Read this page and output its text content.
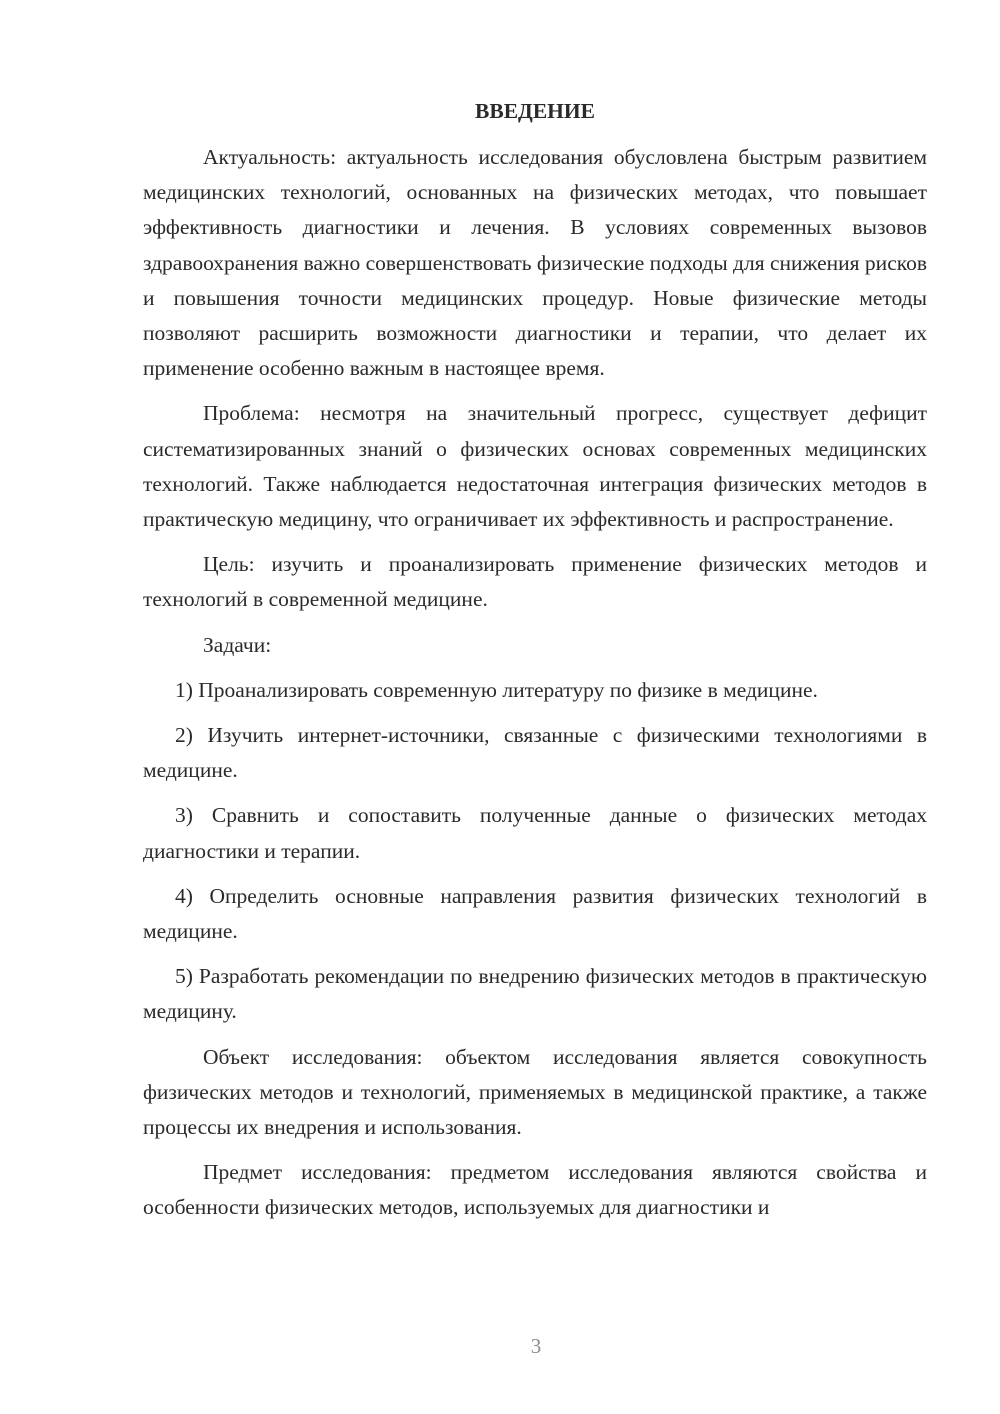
ВВЕДЕНИЕ

Актуальность: актуальность исследования обусловлена быстрым развитием медицинских технологий, основанных на физических методах, что повышает эффективность диагностики и лечения. В условиях современных вызовов здравоохранения важно совершенствовать физические подходы для снижения рисков и повышения точности медицинских процедур. Новые физические методы позволяют расширить возможности диагностики и терапии, что делает их применение особенно важным в настоящее время.

Проблема: несмотря на значительный прогресс, существует дефицит систематизированных знаний о физических основах современных медицинских технологий. Также наблюдается недостаточная интеграция физических методов в практическую медицину, что ограничивает их эффективность и распространение.

Цель: изучить и проанализировать применение физических методов и технологий в современной медицине.

Задачи:

1) Проанализировать современную литературу по физике в медицине.

2) Изучить интернет-источники, связанные с физическими технологиями в медицине.

3) Сравнить и сопоставить полученные данные о физических методах диагностики и терапии.

4) Определить основные направления развития физических технологий в медицине.

5) Разработать рекомендации по внедрению физических методов в практическую медицину.

Объект исследования: объектом исследования является совокупность физических методов и технологий, применяемых в медицинской практике, а также процессы их внедрения и использования.

Предмет исследования: предметом исследования являются свойства и особенности физических методов, используемых для диагностики и

3
